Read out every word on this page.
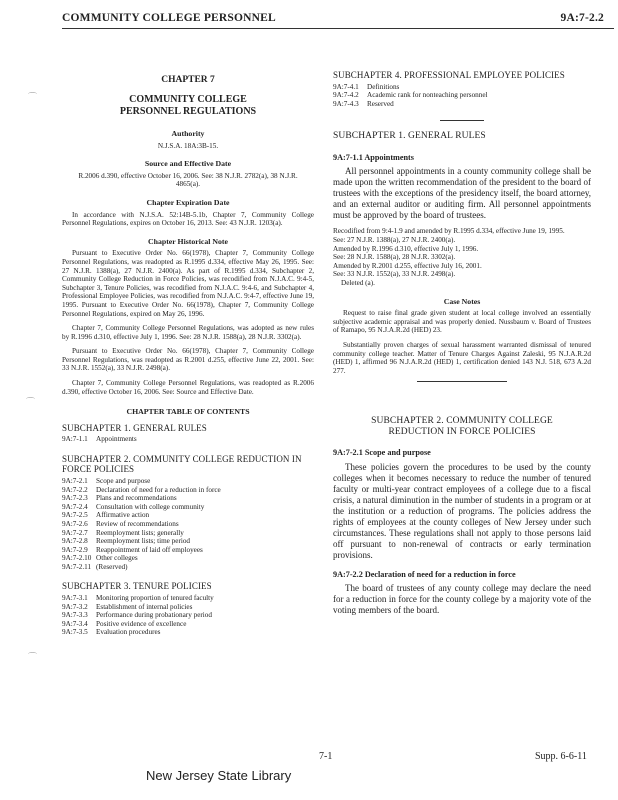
COMMUNITY COLLEGE PERSONNEL	9A:7-2.2
⌒
⌒
⌒
CHAPTER 7
COMMUNITY COLLEGE
PERSONNEL REGULATIONS
Authority
N.J.S.A. 18A:3B-15.
Source and Effective Date
R.2006 d.390, effective October 16, 2006. See: 38 N.J.R. 2782(a), 38 N.J.R. 4865(a).
Chapter Expiration Date

In accordance with N.J.S.A. 52:14B-5.1b, Chapter 7, Community College Personnel Regulations, expires on October 16, 2013. See: 43 N.J.R. 1203(a).

Chapter Historical Note

Pursuant to Executive Order No. 66(1978), Chapter 7, Community College Personnel Regulations, was readopted as R.1995 d.334, effective May 26, 1995. See: 27 N.J.R. 1388(a), 27 N.J.R. 2400(a). As part of R.1995 d.334, Subchapter 2, Community College Reduction in Force Policies, was recodified from N.J.A.C. 9:4-5, Subchapter 3, Tenure Policies, was recodified from N.J.A.C. 9:4-6, and Subchapter 4, Professional Employee Policies, was recodified from N.J.A.C. 9:4-7, effective June 19, 1995. Pursuant to Executive Order No. 66(1978), Chapter 7, Community College Personnel Regulations, expired on May 26, 1996.

Chapter 7, Community College Personnel Regulations, was adopted as new rules by R.1996 d.310, effective July 1, 1996. See: 28 N.J.R. 1588(a), 28 N.J.R. 3302(a).

Pursuant to Executive Order No. 66(1978), Chapter 7, Community College Personnel Regulations, was readopted as R.2001 d.255, effective June 22, 2001. See: 33 N.J.R. 1552(a), 33 N.J.R. 2498(a).

Chapter 7, Community College Personnel Regulations, was readopted as R.2006 d.390, effective October 16, 2006. See: Source and Effective Date.

CHAPTER TABLE OF CONTENTS
SUBCHAPTER 1. GENERAL RULES
9A:7-1.1	Appointments
SUBCHAPTER 2. COMMUNITY COLLEGE REDUCTION IN FORCE POLICIES
9A:7-2.1	Scope and purpose
9A:7-2.2	Declaration of need for a reduction in force
9A:7-2.3	Plans and recommendations
9A:7-2.4	Consultation with college community
9A:7-2.5	Affirmative action
9A:7-2.6	Review of recommendations
9A:7-2.7	Reemployment lists; generally
9A:7-2.8	Reemployment lists; time period
9A:7-2.9	Reappointment of laid off employees
9A:7-2.10 Other colleges
9A:7-2.11 (Reserved)
SUBCHAPTER 3. TENURE POLICIES
9A:7-3.1	Monitoring proportion of tenured faculty
9A:7-3.2	Establishment of internal policies
9A:7-3.3	Performance during probationary period
9A:7-3.4	Positive evidence of excellence
9A:7-3.5	Evaluation procedures
SUBCHAPTER 4. PROFESSIONAL EMPLOYEE POLICIES
9A:7-4.1	Definitions
9A:7-4.2	Academic rank for nonteaching personnel
9A:7-4.3	Reserved
SUBCHAPTER 1. GENERAL RULES
9A:7-1.1 Appointments

All personnel appointments in a county community college shall be made upon the written recommendation of the president to the board of trustees with the exceptions of the presidency itself, the board attorney, and an external auditor or auditing firm. All personnel appointments must be approved by the board of trustees.

Recodified from 9:4-1.9 and amended by R.1995 d.334, effective June 19, 1995.
See: 27 N.J.R. 1388(a), 27 N.J.R. 2400(a).
Amended by R.1996 d.310, effective July 1, 1996.
See: 28 N.J.R. 1588(a), 28 N.J.R. 3302(a).
Amended by R.2001 d.255, effective July 16, 2001.
See: 33 N.J.R. 1552(a), 33 N.J.R. 2498(a).
Deleted (a).
Case Notes

Request to raise final grade given student at local college involved an essentially subjective academic appraisal and was properly denied. Nussbaum v. Board of Trustees of Ramapo, 95 N.J.A.R.2d (HED) 23.

Substantially proven charges of sexual harassment warranted dismissal of tenured community college teacher. Matter of Tenure Charges Against Zaleski, 95 N.J.A.R.2d (HED) 1, affirmed 96 N.J.A.R.2d (HED) 1, certification denied 143 N.J. 518, 673 A.2d 277.

SUBCHAPTER 2. COMMUNITY COLLEGE
REDUCTION IN FORCE POLICIES
9A:7-2.1 Scope and purpose

These policies govern the procedures to be used by the county colleges when it becomes necessary to reduce the number of tenured faculty or multi-year contract employees of a college due to a fiscal crisis, a natural diminution in the number of students in a program or at the institution or a reduction of programs. The policies address the rights of employees at the county colleges of New Jersey under such circumstances. These regulations shall not apply to those persons laid off pursuant to non-renewal of contracts or early termination provisions.

9A:7-2.2 Declaration of need for a reduction in force

The board of trustees of any county college may declare the need for a reduction in force for the county college by a majority vote of the voting members of the board.

7-1	Supp. 6-6-11
New Jersey State Library
